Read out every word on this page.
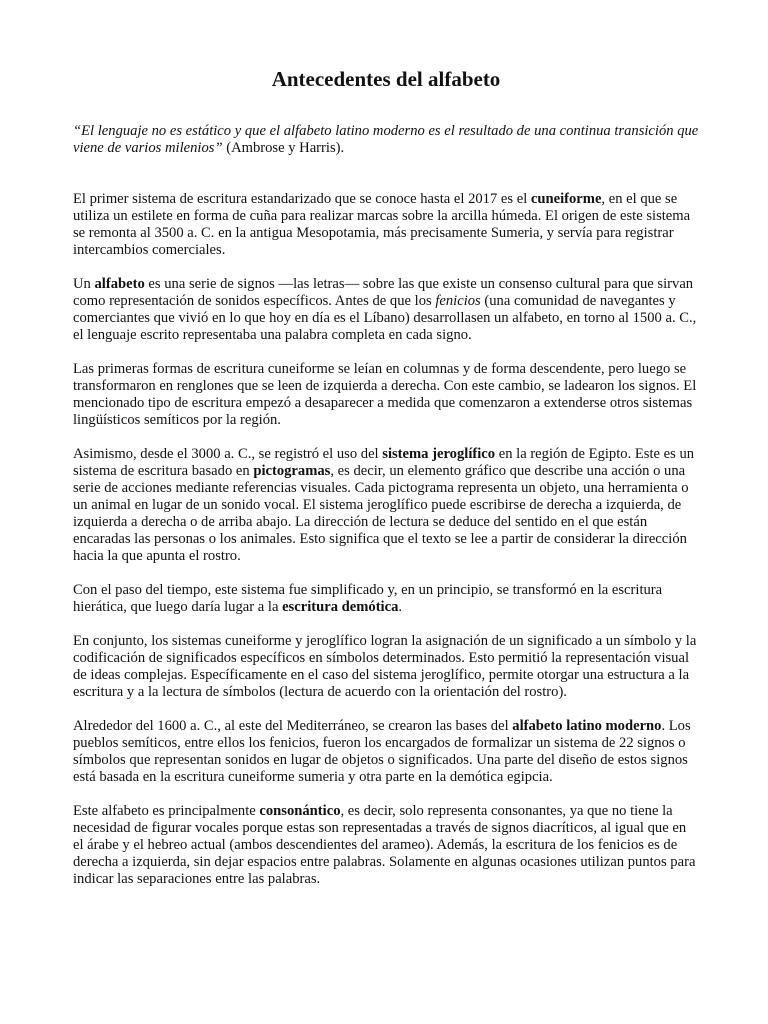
Antecedentes del alfabeto

“El lenguaje no es estático y que el alfabeto latino moderno es el resultado de una continua transición que viene de varios milenios” (Ambrose y Harris).

El primer sistema de escritura estandarizado que se conoce hasta el 2017 es el cuneiforme, en el que se utiliza un estilete en forma de cuña para realizar marcas sobre la arcilla húmeda. El origen de este sistema se remonta al 3500 a. C. en la antigua Mesopotamia, más precisamente Sumeria, y servía para registrar intercambios comerciales.

Un alfabeto es una serie de signos —las letras— sobre las que existe un consenso cultural para que sirvan como representación de sonidos específicos. Antes de que los fenicios (una comunidad de navegantes y comerciantes que vivió en lo que hoy en día es el Líbano) desarrollasen un alfabeto, en torno al 1500 a. C., el lenguaje escrito representaba una palabra completa en cada signo.

Las primeras formas de escritura cuneiforme se leían en columnas y de forma descendente, pero luego se transformaron en renglones que se leen de izquierda a derecha. Con este cambio, se ladearon los signos. El mencionado tipo de escritura empezó a desaparecer a medida que comenzaron a extenderse otros sistemas lingüísticos semíticos por la región.

Asimismo, desde el 3000 a. C., se registró el uso del sistema jeroglífico en la región de Egipto. Este es un sistema de escritura basado en pictogramas, es decir, un elemento gráfico que describe una acción o una serie de acciones mediante referencias visuales. Cada pictograma representa un objeto, una herramienta o un animal en lugar de un sonido vocal. El sistema jeroglífico puede escribirse de derecha a izquierda, de izquierda a derecha o de arriba abajo. La dirección de lectura se deduce del sentido en el que están encaradas las personas o los animales. Esto significa que el texto se lee a partir de considerar la dirección hacia la que apunta el rostro.

Con el paso del tiempo, este sistema fue simplificado y, en un principio, se transformó en la escritura hierática, que luego daría lugar a la escritura demótica.

En conjunto, los sistemas cuneiforme y jeroglífico logran la asignación de un significado a un símbolo y la codificación de significados específicos en símbolos determinados. Esto permitió la representación visual de ideas complejas. Específicamente en el caso del sistema jeroglífico, permite otorgar una estructura a la escritura y a la lectura de símbolos (lectura de acuerdo con la orientación del rostro).

Alrededor del 1600 a. C., al este del Mediterráneo, se crearon las bases del alfabeto latino moderno. Los pueblos semíticos, entre ellos los fenicios, fueron los encargados de formalizar un sistema de 22 signos o símbolos que representan sonidos en lugar de objetos o significados. Una parte del diseño de estos signos está basada en la escritura cuneiforme sumeria y otra parte en la demótica egipcia.

Este alfabeto es principalmente consonántico, es decir, solo representa consonantes, ya que no tiene la necesidad de figurar vocales porque estas son representadas a través de signos diacríticos, al igual que en el árabe y el hebreo actual (ambos descendientes del arameo). Además, la escritura de los fenicios es de derecha a izquierda, sin dejar espacios entre palabras. Solamente en algunas ocasiones utilizan puntos para indicar las separaciones entre las palabras.
